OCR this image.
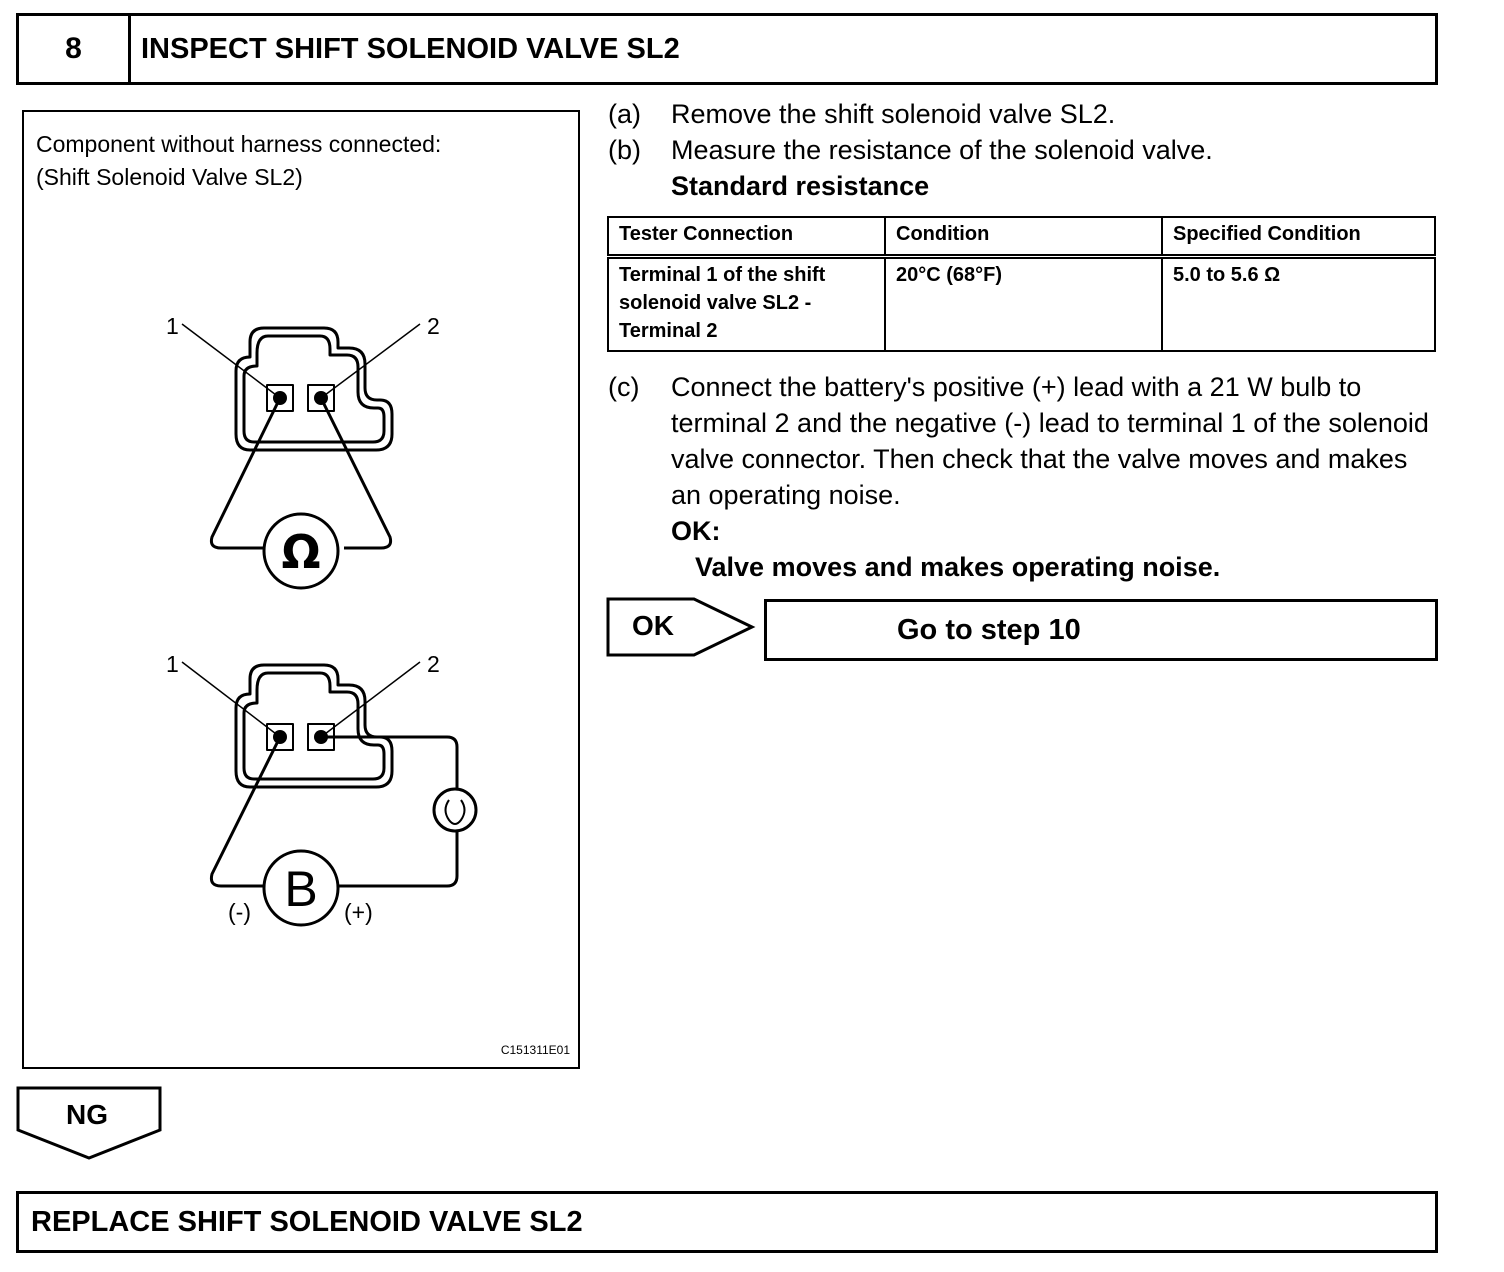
8	INSPECT SHIFT SOLENOID VALVE SL2
Component without harness connected:
(Shift Solenoid Valve SL2)
Ω
1	2
B
1	2
(-)	(+)
C151311E01
(a) Remove the shift solenoid valve SL2.
(b) Measure the resistance of the solenoid valve.
Standard resistance
Tester Connection	Condition	Specified Condition
Terminal 1 of the shift solenoid valve SL2 - Terminal 2	20°C (68°F)	5.0 to 5.6 Ω
(c) Connect the battery's positive (+) lead with a 21 W bulb to terminal 2 and the negative (-) lead to terminal 1 of the solenoid valve connector. Then check that the valve moves and makes an operating noise.
OK:
Valve moves and makes operating noise.
OK	Go to step 10
NG
REPLACE SHIFT SOLENOID VALVE SL2
